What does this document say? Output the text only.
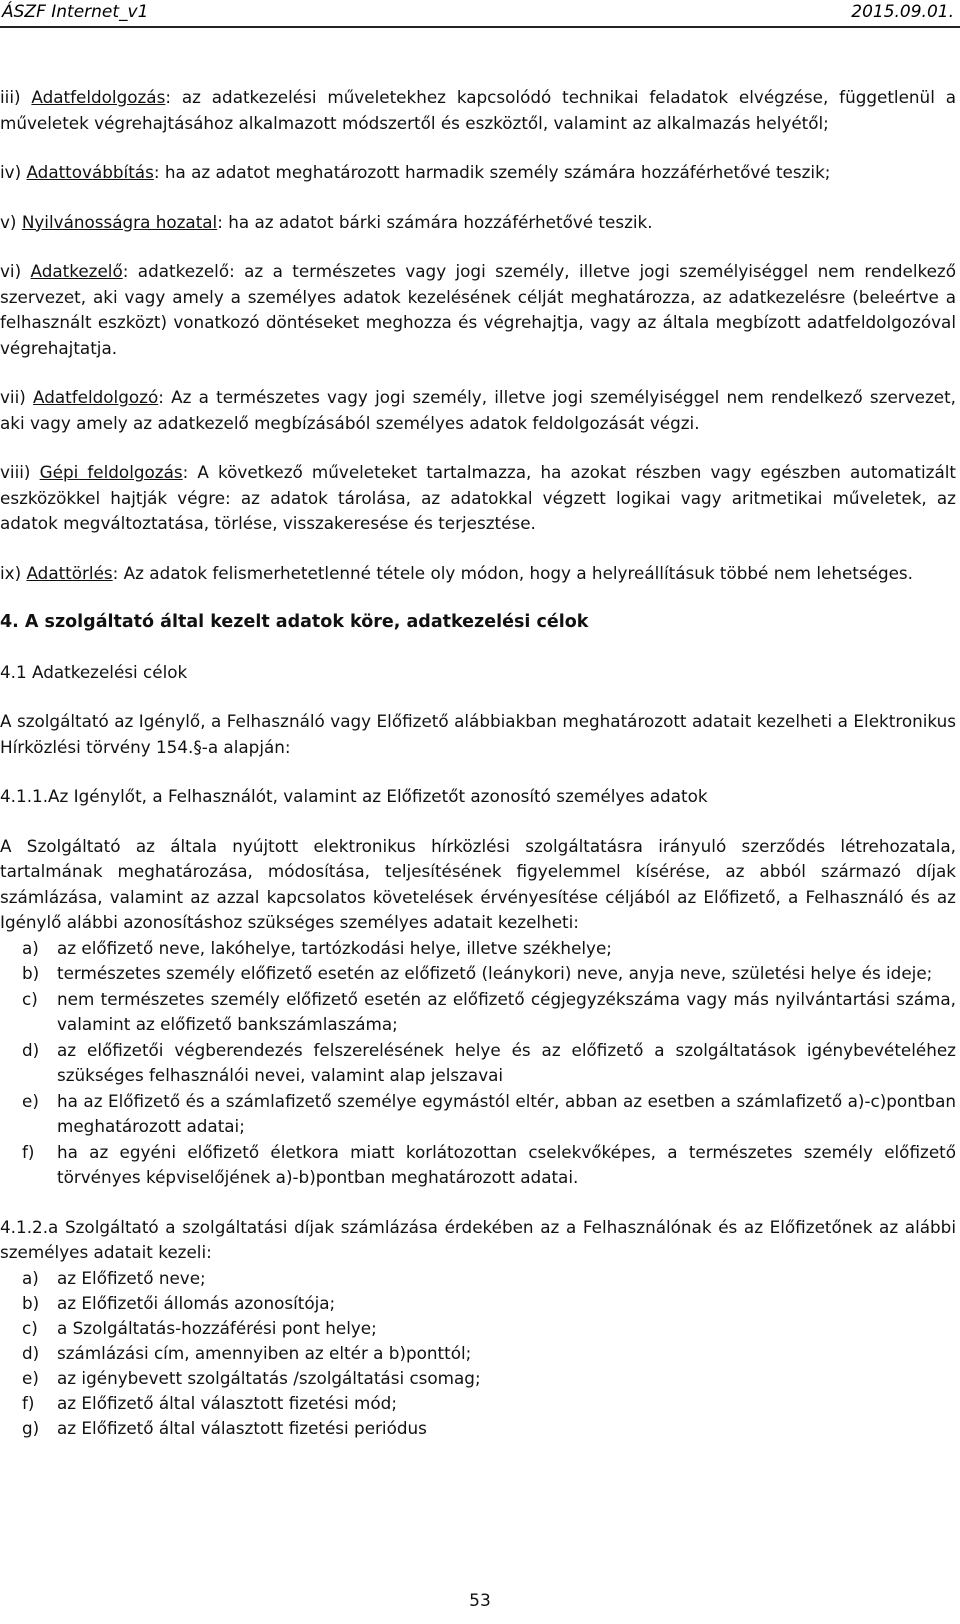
ÁSZF Internet_v1	2015.09.01.

iii) Adatfeldolgozás: az adatkezelési műveletekhez kapcsolódó technikai feladatok elvégzése, függetlenül a műveletek végrehajtásához alkalmazott módszertől és eszköztől, valamint az alkalmazás helyétől;

iv) Adattovábbítás: ha az adatot meghatározott harmadik személy számára hozzáférhetővé teszik;

v) Nyilvánosságra hozatal: ha az adatot bárki számára hozzáférhetővé teszik.

vi) Adatkezelő: adatkezelő: az a természetes vagy jogi személy, illetve jogi személyiséggel nem rendelkező szervezet, aki vagy amely a személyes adatok kezelésének célját meghatározza, az adatkezelésre (beleértve a felhasznált eszközt) vonatkozó döntéseket meghozza és végrehajtja, vagy az általa megbízott adatfeldolgozóval végrehajtatja.

vii) Adatfeldolgozó: Az a természetes vagy jogi személy, illetve jogi személyiséggel nem rendelkező szervezet, aki vagy amely az adatkezelő megbízásából személyes adatok feldolgozását végzi.

viii) Gépi feldolgozás: A következő műveleteket tartalmazza, ha azokat részben vagy egészben automatizált eszközökkel hajtják végre: az adatok tárolása, az adatokkal végzett logikai vagy aritmetikai műveletek, az adatok megváltoztatása, törlése, visszakeresése és terjesztése.

ix) Adattörlés: Az adatok felismerhetetlenné tétele oly módon, hogy a helyreállításuk többé nem lehetséges.

4. A szolgáltató által kezelt adatok köre, adatkezelési célok

4.1 Adatkezelési célok

A szolgáltató az Igénylő, a Felhasználó vagy Előfizető alábbiakban meghatározott adatait kezelheti a Elektronikus Hírközlési törvény 154.§-a alapján:

4.1.1.Az Igénylőt, a Felhasználót, valamint az Előfizetőt azonosító személyes adatok

A Szolgáltató az általa nyújtott elektronikus hírközlési szolgáltatásra irányuló szerződés létrehozatala, tartalmának meghatározása, módosítása, teljesítésének figyelemmel kísérése, az abból származó díjak számlázása, valamint az azzal kapcsolatos követelések érvényesítése céljából az Előfizető, a Felhasználó és az Igénylő alábbi azonosításhoz szükséges személyes adatait kezelheti:

a) az előfizető neve, lakóhelye, tartózkodási helye, illetve székhelye;
b) természetes személy előfizető esetén az előfizető (leánykori) neve, anyja neve, születési helye és ideje;
c) nem természetes személy előfizető esetén az előfizető cégjegyzékszáma vagy más nyilvántartási száma, valamint az előfizető bankszámlaszáma;
d) az előfizetői végberendezés felszerelésének helye és az előfizető a szolgáltatások igénybevételéhez szükséges felhasználói nevei, valamint alap jelszavai
e) ha az Előfizető és a számlafizető személye egymástól eltér, abban az esetben a számlafizető a)-c)pontban meghatározott adatai;
f) ha az egyéni előfizető életkora miatt korlátozottan cselekvőképes, a természetes személy előfizető törvényes képviselőjének a)-b)pontban meghatározott adatai.

4.1.2.a Szolgáltató a szolgáltatási díjak számlázása érdekében az a Felhasználónak és az Előfizetőnek az alábbi személyes adatait kezeli:

a) az Előfizető neve;
b) az Előfizetői állomás azonosítója;
c) a Szolgáltatás-hozzáférési pont helye;
d) számlázási cím, amennyiben az eltér a b)ponttól;
e) az igénybevett szolgáltatás /szolgáltatási csomag;
f) az Előfizető által választott fizetési mód;
g) az Előfizető által választott fizetési periódus
53
